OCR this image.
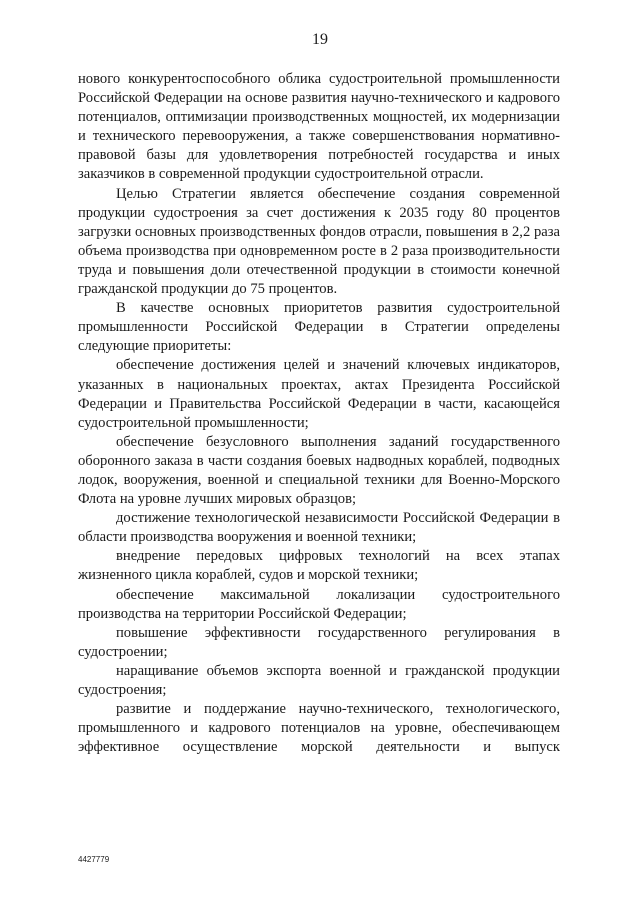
19

нового конкурентоспособного облика судостроительной промышленности Российской Федерации на основе развития научно-технического и кадрового потенциалов, оптимизации производственных мощностей, их модернизации и технического перевооружения, а также совершенствования нормативно-правовой базы для удовлетворения потребностей государства и иных заказчиков в современной продукции судостроительной отрасли.

Целью Стратегии является обеспечение создания современной продукции судостроения за счет достижения к 2035 году 80 процентов загрузки основных производственных фондов отрасли, повышения в 2,2 раза объема производства при одновременном росте в 2 раза производительности труда и повышения доли отечественной продукции в стоимости конечной гражданской продукции до 75 процентов.

В качестве основных приоритетов развития судостроительной промышленности Российской Федерации в Стратегии определены следующие приоритеты:

обеспечение достижения целей и значений ключевых индикаторов, указанных в национальных проектах, актах Президента Российской Федерации и Правительства Российской Федерации в части, касающейся судостроительной промышленности;

обеспечение безусловного выполнения заданий государственного оборонного заказа в части создания боевых надводных кораблей, подводных лодок, вооружения, военной и специальной техники для Военно-Морского Флота на уровне лучших мировых образцов;

достижение технологической независимости Российской Федерации в области производства вооружения и военной техники;

внедрение передовых цифровых технологий на всех этапах жизненного цикла кораблей, судов и морской техники;

обеспечение максимальной локализации судостроительного производства на территории Российской Федерации;

повышение эффективности государственного регулирования в судостроении;

наращивание объемов экспорта военной и гражданской продукции судостроения;

развитие и поддержание научно-технического, технологического, промышленного и кадрового потенциалов на уровне, обеспечивающем эффективное осуществление морской деятельности и выпуск

4427779
